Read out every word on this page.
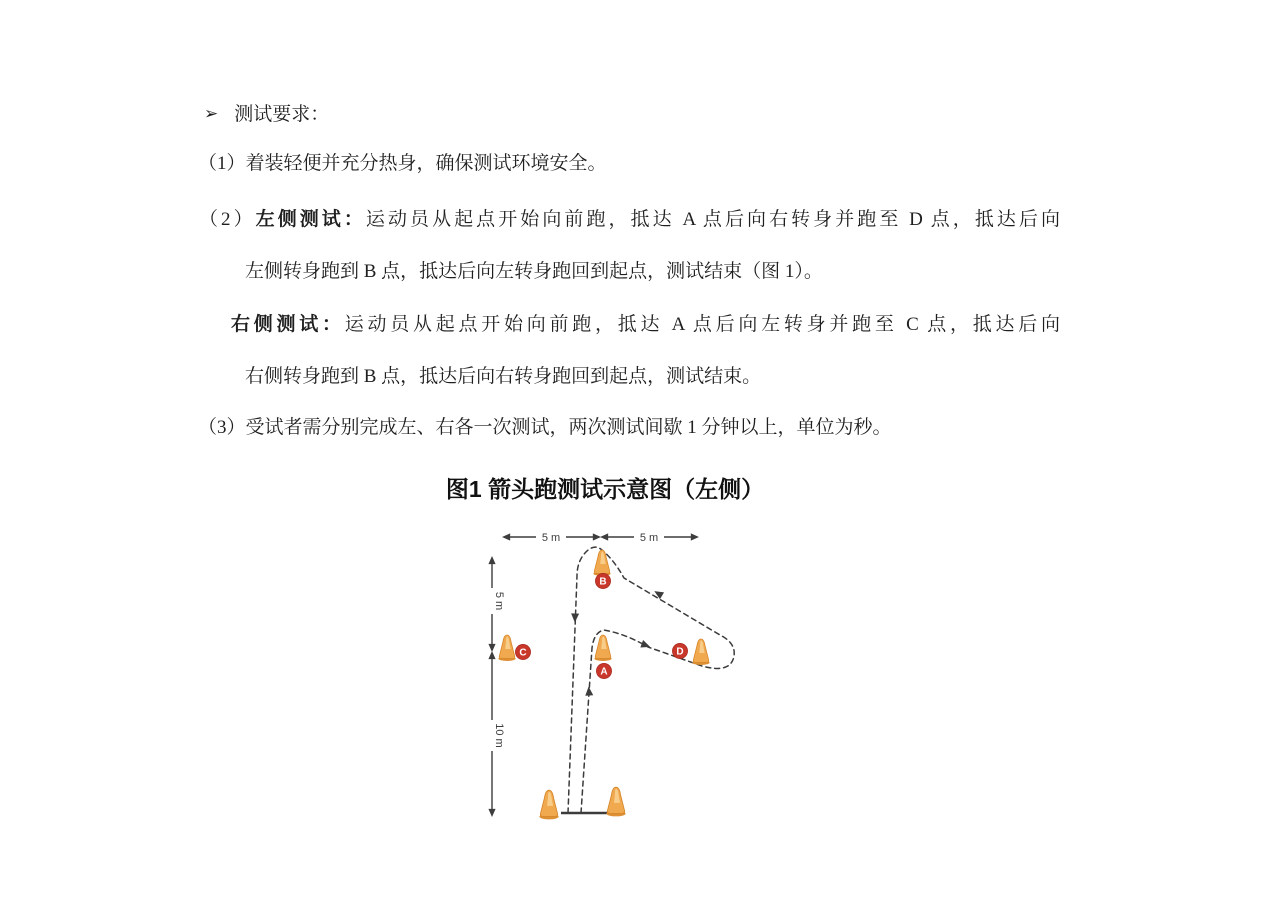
➢ 测试要求：
（1）着装轻便并充分热身，确保测试环境安全。
（2）左侧测试：运动员从起点开始向前跑，抵达 A 点后向右转身并跑至 D 点，抵达后向
左侧转身跑到 B 点，抵达后向左转身跑回到起点，测试结束（图 1）。
右侧测试：运动员从起点开始向前跑，抵达 A 点后向左转身并跑至 C 点，抵达后向
右侧转身跑到 B 点，抵达后向右转身跑回到起点，测试结束。
（3）受试者需分别完成左、右各一次测试，两次测试间歇 1 分钟以上，单位为秒。
图1 箭头跑测试示意图（左侧）
5 m	5 m
5 m
10 m
B
C
A
D
